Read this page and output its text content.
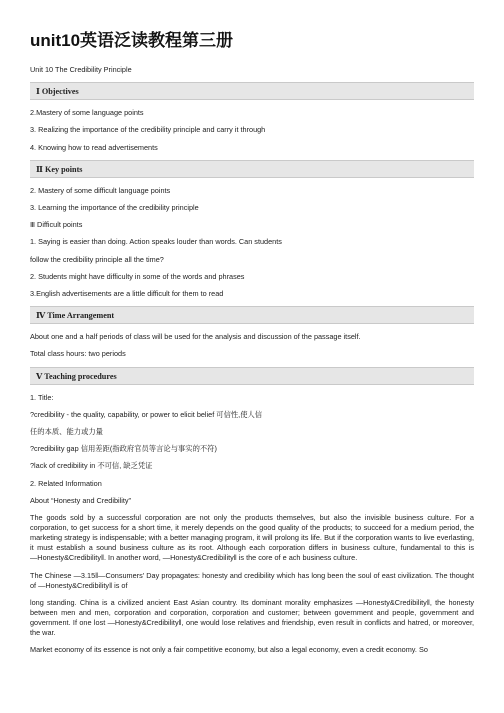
unit10英语泛读教程第三册
Unit 10 The Credibility Principle
Ⅰ Objectives
2.Mastery of some language points
3. Realizing the importance of the credibility principle and carry it through
4. Knowing how to read advertisements
Ⅱ Key points
2. Mastery of some difficult language points
3. Learning the importance of the credibility principle
Ⅲ Difficult points
1. Saying is easier than doing. Action speaks louder than words. Can students
follow the credibility principle all the time?
2. Students might have difficulty in some of the words and phrases
3.English advertisements are a little difficult for them to read
Ⅳ Time Arrangement
About one and a half periods of class will be used for the analysis and discussion of the passage itself.
Total class hours: two periods
Ⅴ Teaching procedures
1. Title:
?credibility - the quality, capability, or power to elicit belief 可信性,使人信
任的本质、能力或力量
?credibility gap 信用差距(指政府官员等言论与事实的不符)
?lack of credibility in 不可信, 缺乏凭证
2. Related Information
About “Honesty and Credibility”
The goods sold by a successful corporation are not only the products themselves, but also the invisible business culture. For a corporation, to get success for a short time, it merely depends on the good quality of the products; to succeed for a medium period, the marketing strategy is indispensable; with a better managing program, it will prolong its life. But if the corporation wants to live everlasting, it must establish a sound business culture as its root. Although each corporation differs in business culture, fundamental to this is ―Honesty&Credibility‖. In another word, ―Honesty&Credibility‖ is the core of e ach business culture.
The Chinese ―3.15‖―Consumers' Day propagates: honesty and credibility which has long been the soul of east civilization. The thought of ―Honesty&Credibility‖ is of
long standing. China is a civilized ancient East Asian country. Its dominant morality emphasizes ―Honesty&Credibility‖, the honesty between men and men, corporation and corporation, corporation and customer; between government and people, government and government. If one lost ―Honesty&Credibility‖, one would lose relatives and friendship, even result in conflicts and hatred, or moreover, the war.
Market economy of its essence is not only a fair competitive economy, but also a legal economy, even a credit economy. So
